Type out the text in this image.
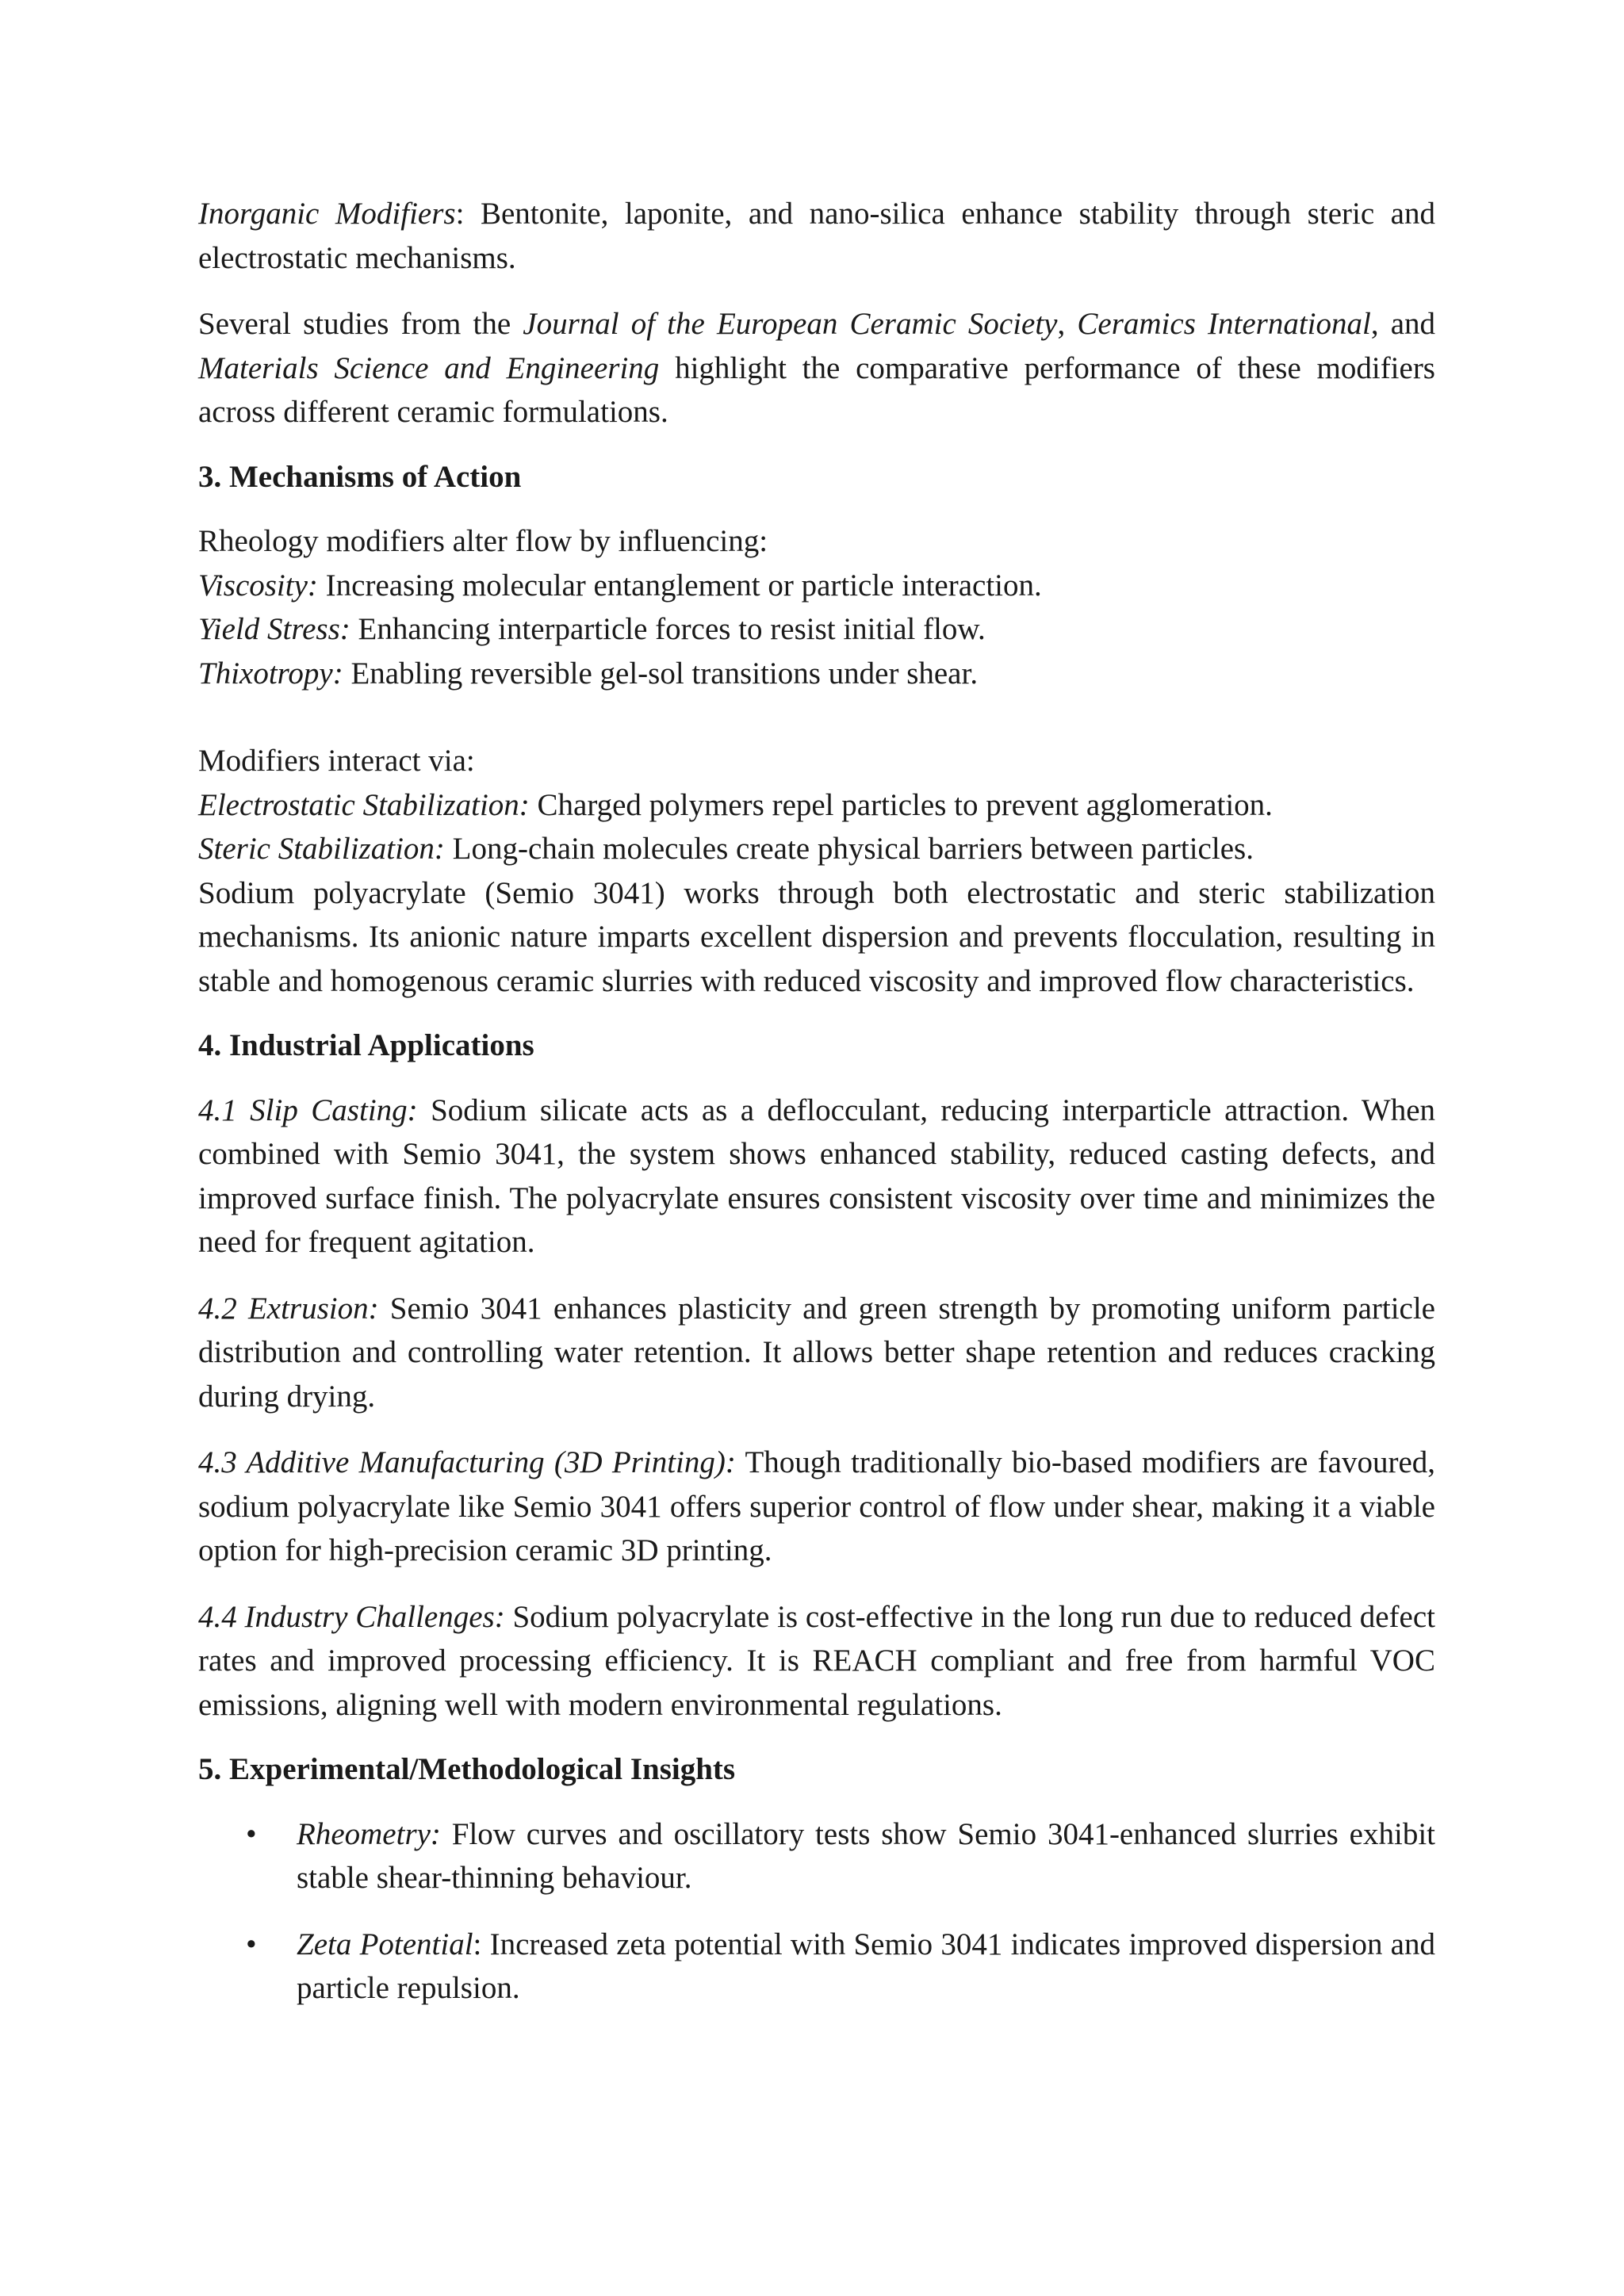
Inorganic Modifiers: Bentonite, laponite, and nano-silica enhance stability through steric and electrostatic mechanisms.

Several studies from the Journal of the European Ceramic Society, Ceramics International, and Materials Science and Engineering highlight the comparative performance of these modifiers across different ceramic formulations.

3. Mechanisms of Action

Rheology modifiers alter flow by influencing:

Viscosity: Increasing molecular entanglement or particle interaction.

Yield Stress: Enhancing interparticle forces to resist initial flow.

Thixotropy: Enabling reversible gel-sol transitions under shear.

Modifiers interact via:

Electrostatic Stabilization: Charged polymers repel particles to prevent agglomeration.

Steric Stabilization: Long-chain molecules create physical barriers between particles.

Sodium polyacrylate (Semio 3041) works through both electrostatic and steric stabilization mechanisms. Its anionic nature imparts excellent dispersion and prevents flocculation, resulting in stable and homogenous ceramic slurries with reduced viscosity and improved flow characteristics.

4. Industrial Applications

4.1 Slip Casting: Sodium silicate acts as a deflocculant, reducing interparticle attraction. When combined with Semio 3041, the system shows enhanced stability, reduced casting defects, and improved surface finish. The polyacrylate ensures consistent viscosity over time and minimizes the need for frequent agitation.

4.2 Extrusion: Semio 3041 enhances plasticity and green strength by promoting uniform particle distribution and controlling water retention. It allows better shape retention and reduces cracking during drying.

4.3 Additive Manufacturing (3D Printing): Though traditionally bio-based modifiers are favoured, sodium polyacrylate like Semio 3041 offers superior control of flow under shear, making it a viable option for high-precision ceramic 3D printing.

4.4 Industry Challenges: Sodium polyacrylate is cost-effective in the long run due to reduced defect rates and improved processing efficiency. It is REACH compliant and free from harmful VOC emissions, aligning well with modern environmental regulations.

5. Experimental/Methodological Insights
• Rheometry: Flow curves and oscillatory tests show Semio 3041-enhanced slurries exhibit stable shear-thinning behaviour.
• Zeta Potential: Increased zeta potential with Semio 3041 indicates improved dispersion and particle repulsion.
